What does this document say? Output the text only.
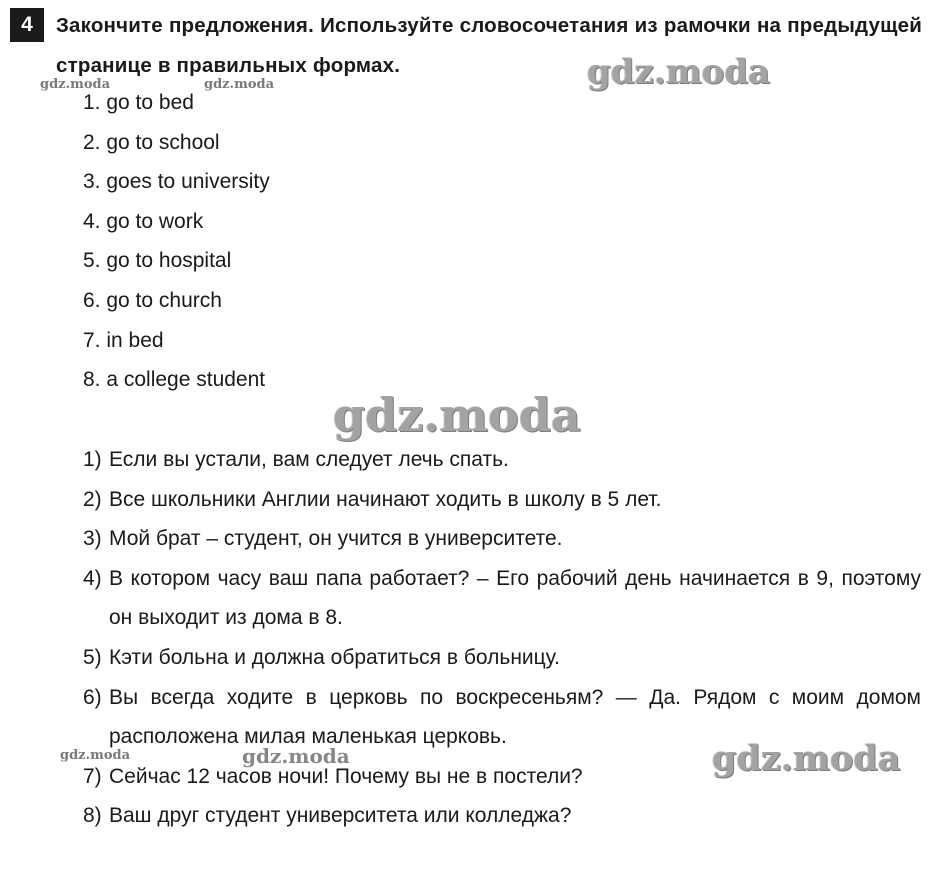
4	Закончите предложения. Используйте словосочетания из рамочки на предыдущей странице в правильных формах.
1. go to bed
2. go to school
3. goes to university
4. go to work
5. go to hospital
6. go to church
7. in bed
8. a college student
1) Если вы устали, вам следует лечь спать.
2) Все школьники Англии начинают ходить в школу в 5 лет.
3) Мой брат – студент, он учится в университете.
4) В котором часу ваш папа работает? – Его рабочий день начинается в 9, поэтому он выходит из дома в 8.
5) Кэти больна и должна обратиться в больницу.
6) Вы всегда ходите в церковь по воскресеньям? — Да. Рядом с моим домом расположена милая маленькая церковь.
7) Сейчас 12 часов ночи! Почему вы не в постели?
8) Ваш друг студент университета или колледжа?
gdz.moda	gdz.moda	gdz.moda
gdz.moda
gdz.moda	gdz.moda	gdz.moda
